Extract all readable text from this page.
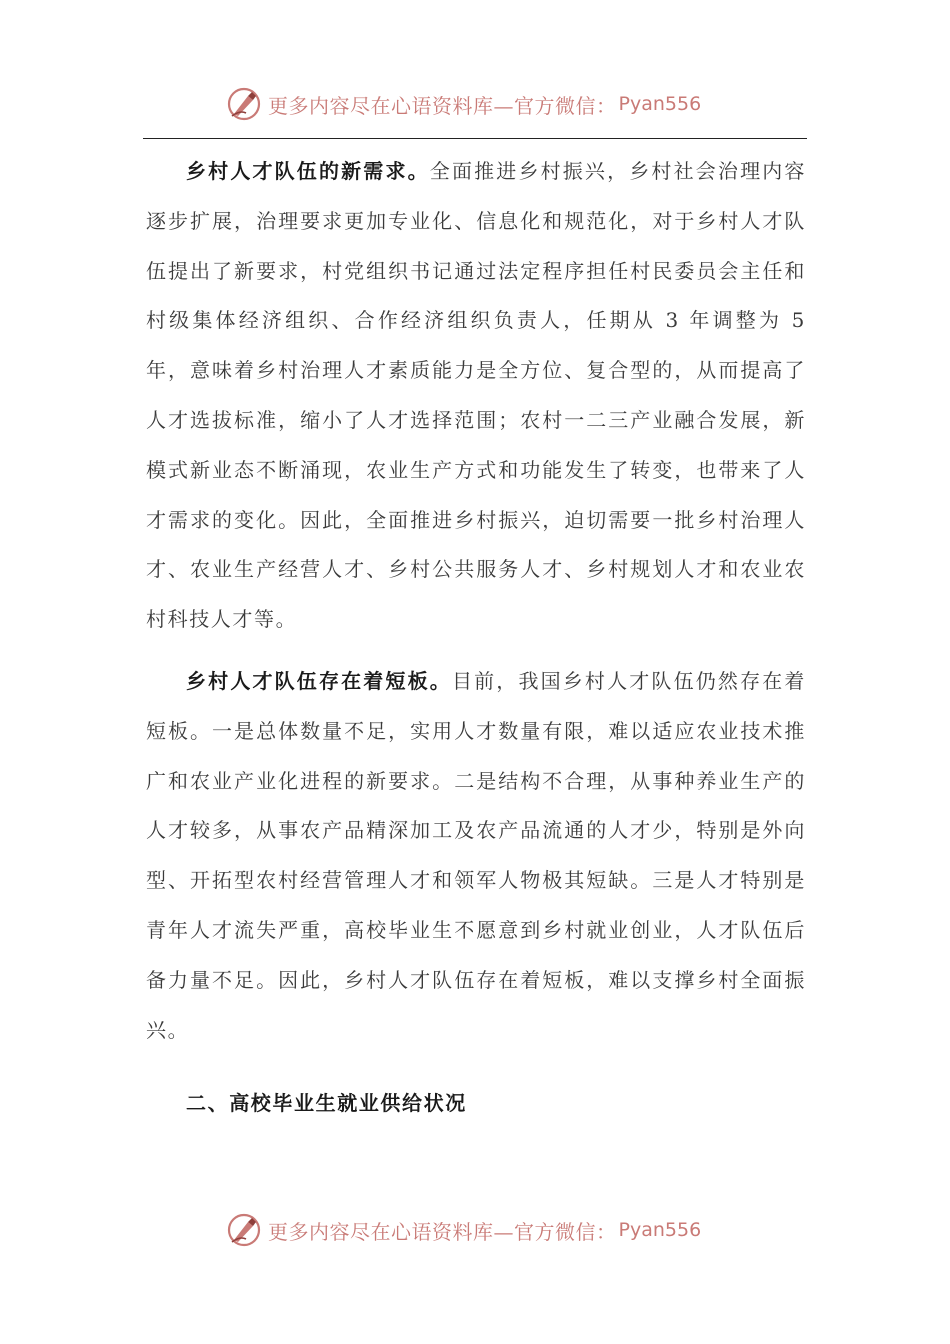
更多内容尽在心语资料库—官方微信： Pyan556

乡村人才队伍的新需求。全面推进乡村振兴，乡村社会治理内容逐步扩展，治理要求更加专业化、信息化和规范化，对于乡村人才队伍提出了新要求，村党组织书记通过法定程序担任村民委员会主任和村级集体经济组织、合作经济组织负责人，任期从 3 年调整为 5 年，意味着乡村治理人才素质能力是全方位、复合型的，从而提高了人才选拔标准，缩小了人才选择范围；农村一二三产业融合发展，新模式新业态不断涌现，农业生产方式和功能发生了转变，也带来了人才需求的变化。因此，全面推进乡村振兴，迫切需要一批乡村治理人才、农业生产经营人才、乡村公共服务人才、乡村规划人才和农业农村科技人才等。

乡村人才队伍存在着短板。目前，我国乡村人才队伍仍然存在着短板。一是总体数量不足，实用人才数量有限，难以适应农业技术推广和农业产业化进程的新要求。二是结构不合理，从事种养业生产的人才较多，从事农产品精深加工及农产品流通的人才少，特别是外向型、开拓型农村经营管理人才和领军人物极其短缺。三是人才特别是青年人才流失严重，高校毕业生不愿意到乡村就业创业，人才队伍后备力量不足。因此，乡村人才队伍存在着短板，难以支撑乡村全面振兴。

二、高校毕业生就业供给状况

更多内容尽在心语资料库—官方微信： Pyan556
